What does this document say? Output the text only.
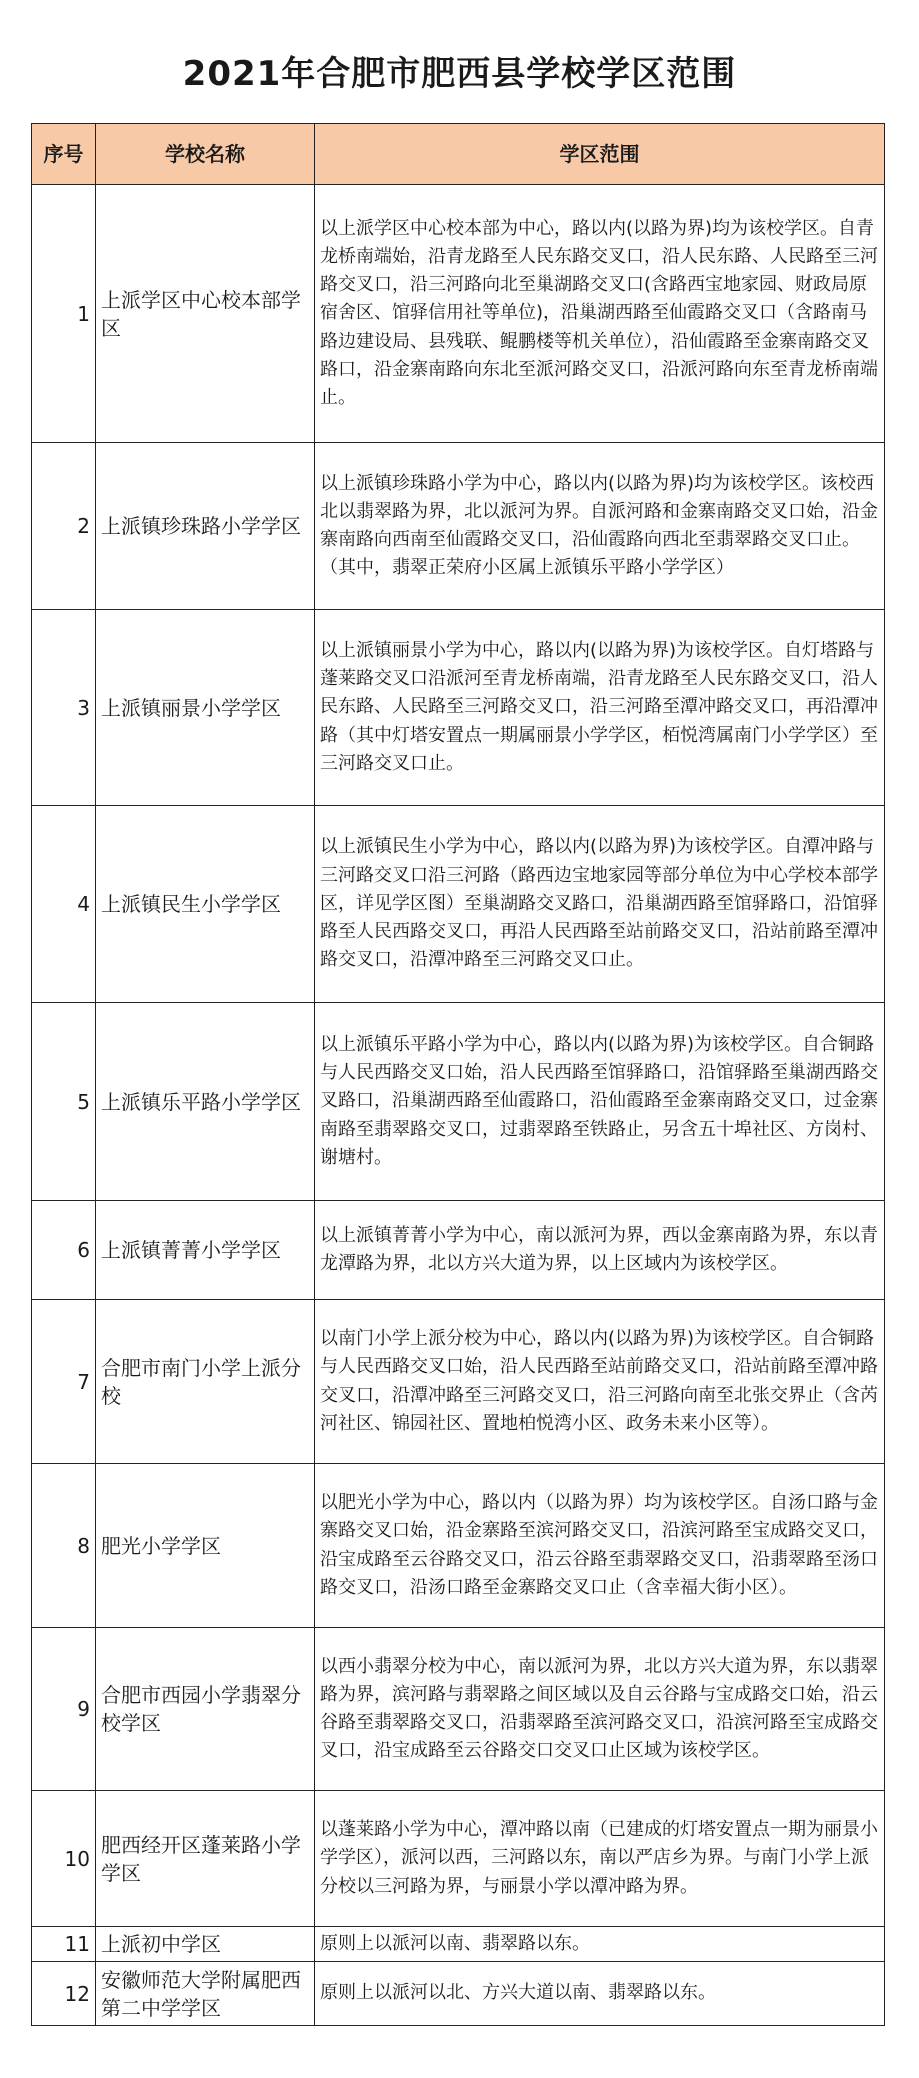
2021年合肥市肥西县学校学区范围
序号	学校名称	学区范围
1	上派学区中心校本部学区	以上派学区中心校本部为中心，路以内(以路为界)均为该校学区。自青龙桥南端始，沿青龙路至人民东路交叉口，沿人民东路、人民路至三河路交叉口，沿三河路向北至巢湖路交叉口(含路西宝地家园、财政局原宿舍区、馆驿信用社等单位)，沿巢湖西路至仙霞路交叉口（含路南马路边建设局、县残联、鲲鹏楼等机关单位），沿仙霞路至金寨南路交叉路口，沿金寨南路向东北至派河路交叉口，沿派河路向东至青龙桥南端止。
2	上派镇珍珠路小学学区	以上派镇珍珠路小学为中心，路以内(以路为界)均为该校学区。该校西北以翡翠路为界，北以派河为界。自派河路和金寨南路交叉口始，沿金寨南路向西南至仙霞路交叉口，沿仙霞路向西北至翡翠路交叉口止。（其中，翡翠正荣府小区属上派镇乐平路小学学区）
3	上派镇丽景小学学区	以上派镇丽景小学为中心，路以内(以路为界)为该校学区。自灯塔路与蓬莱路交叉口沿派河至青龙桥南端，沿青龙路至人民东路交叉口，沿人民东路、人民路至三河路交叉口，沿三河路至潭冲路交叉口，再沿潭冲路（其中灯塔安置点一期属丽景小学学区，栢悦湾属南门小学学区）至三河路交叉口止。
4	上派镇民生小学学区	以上派镇民生小学为中心，路以内(以路为界)为该校学区。自潭冲路与三河路交叉口沿三河路（路西边宝地家园等部分单位为中心学校本部学区，详见学区图）至巢湖路交叉路口，沿巢湖西路至馆驿路口，沿馆驿路至人民西路交叉口，再沿人民西路至站前路交叉口，沿站前路至潭冲路交叉口，沿潭冲路至三河路交叉口止。
5	上派镇乐平路小学学区	以上派镇乐平路小学为中心，路以内(以路为界)为该校学区。自合铜路与人民西路交叉口始，沿人民西路至馆驿路口，沿馆驿路至巢湖西路交叉路口，沿巢湖西路至仙霞路口，沿仙霞路至金寨南路交叉口，过金寨南路至翡翠路交叉口，过翡翠路至铁路止，另含五十埠社区、方岗村、谢塘村。
6	上派镇菁菁小学学区	以上派镇菁菁小学为中心，南以派河为界，西以金寨南路为界，东以青龙潭路为界，北以方兴大道为界，以上区域内为该校学区。
7	合肥市南门小学上派分校	以南门小学上派分校为中心，路以内(以路为界)为该校学区。自合铜路与人民西路交叉口始，沿人民西路至站前路交叉口，沿站前路至潭冲路交叉口，沿潭冲路至三河路交叉口，沿三河路向南至北张交界止（含芮河社区、锦园社区、置地柏悦湾小区、政务未来小区等）。
8	肥光小学学区	以肥光小学为中心，路以内（以路为界）均为该校学区。自汤口路与金寨路交叉口始，沿金寨路至滨河路交叉口，沿滨河路至宝成路交叉口，沿宝成路至云谷路交叉口，沿云谷路至翡翠路交叉口，沿翡翠路至汤口路交叉口，沿汤口路至金寨路交叉口止（含幸福大街小区）。
9	合肥市西园小学翡翠分校学区	以西小翡翠分校为中心，南以派河为界，北以方兴大道为界，东以翡翠路为界，滨河路与翡翠路之间区域以及自云谷路与宝成路交口始，沿云谷路至翡翠路交叉口，沿翡翠路至滨河路交叉口，沿滨河路至宝成路交叉口，沿宝成路至云谷路交口交叉口止区域为该校学区。
10	肥西经开区蓬莱路小学学区	以蓬莱路小学为中心，潭冲路以南（已建成的灯塔安置点一期为丽景小学学区），派河以西，三河路以东，南以严店乡为界。与南门小学上派分校以三河路为界，与丽景小学以潭冲路为界。
11	上派初中学区	原则上以派河以南、翡翠路以东。
12	安徽师范大学附属肥西第二中学学区	原则上以派河以北、方兴大道以南、翡翠路以东。
